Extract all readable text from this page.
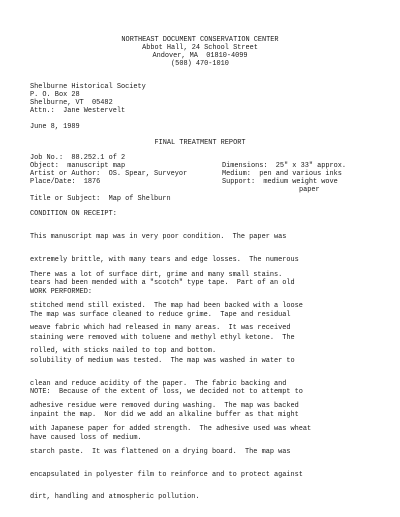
NORTHEAST DOCUMENT CONSERVATION CENTER
Abbot Hall, 24 School Street
Andover, MA  01810-4099
(508) 470-1010
Shelburne Historical Society
P. O. Box 28
Shelburne, VT  05482
Attn.:  Jane Westervelt
June 8, 1989
FINAL TREATMENT REPORT
Job No.:  88.252.1 of 2
Object:  manuscript map
Artist or Author:  OS. Spear, Surveyor
Place/Date:  1876
Dimensions:  25" x 33" approx.
Medium:  pen and various inks
Support:  medium weight wove
paper
Title or Subject:  Map of Shelburn
CONDITION ON RECEIPT:

This manuscript map was in very poor condition.  The paper was

extremely brittle, with many tears and edge losses.  The numerous

tears had been mended with a "scotch" type tape.  Part of an old

stitched mend still existed.  The map had been backed with a loose

weave fabric which had released in many areas.  It was received

rolled, with sticks nailed to top and bottom.

There was a lot of surface dirt, grime and many small stains.
WORK PERFORMED:

The map was surface cleaned to reduce grime.  Tape and residual

staining were removed with toluene and methyl ethyl ketone.  The

solubility of medium was tested.  The map was washed in water to

clean and reduce acidity of the paper.  The fabric backing and

adhesive residue were removed during washing.  The map was backed

with Japanese paper for added strength.  The adhesive used was wheat

starch paste.  It was flattened on a drying board.  The map was

encapsulated in polyester film to reinforce and to protect against

dirt, handling and atmospheric pollution.

NOTE:  Because of the extent of loss, we decided not to attempt to

inpaint the map.  Nor did we add an alkaline buffer as that might

have caused loss of medium.
